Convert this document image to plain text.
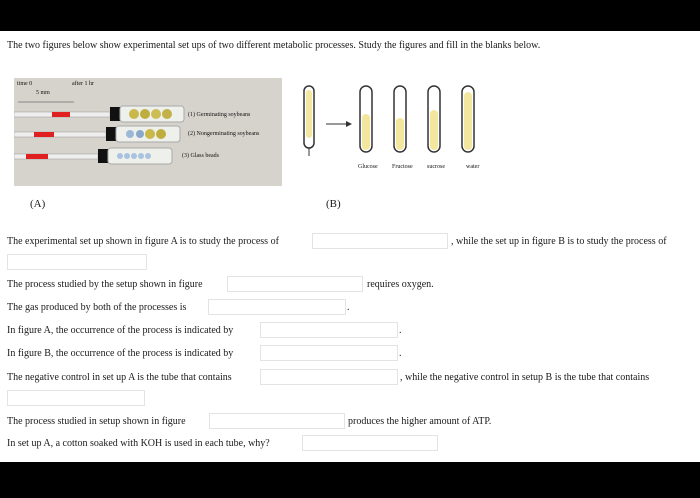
The two figures below show experimental set ups of two different metabolic processes. Study the figures and fill in the blanks below.
time 0	after 1 hr
5 mm
(1) Germinating soybeans
(2) Nongerminating soybeans
(3) Glass beads
(A)
Glucose Fructose sucrose	water
(B)
The experimental set up shown in figure A is to study the process of	, while the set up in figure B is to study the process of
The process studied by the setup shown in figure	requires oxygen.
The gas produced by both of the processes is	.
In figure A, the occurrence of the process is indicated by	.
In figure B, the occurrence of the process is indicated by	.
The negative control in set up A is the tube that contains	, while the negative control in setup B is the tube that contains
The process studied in setup shown in figure	produces the higher amount of ATP.
In set up A, a cotton soaked with KOH is used in each tube, why?
